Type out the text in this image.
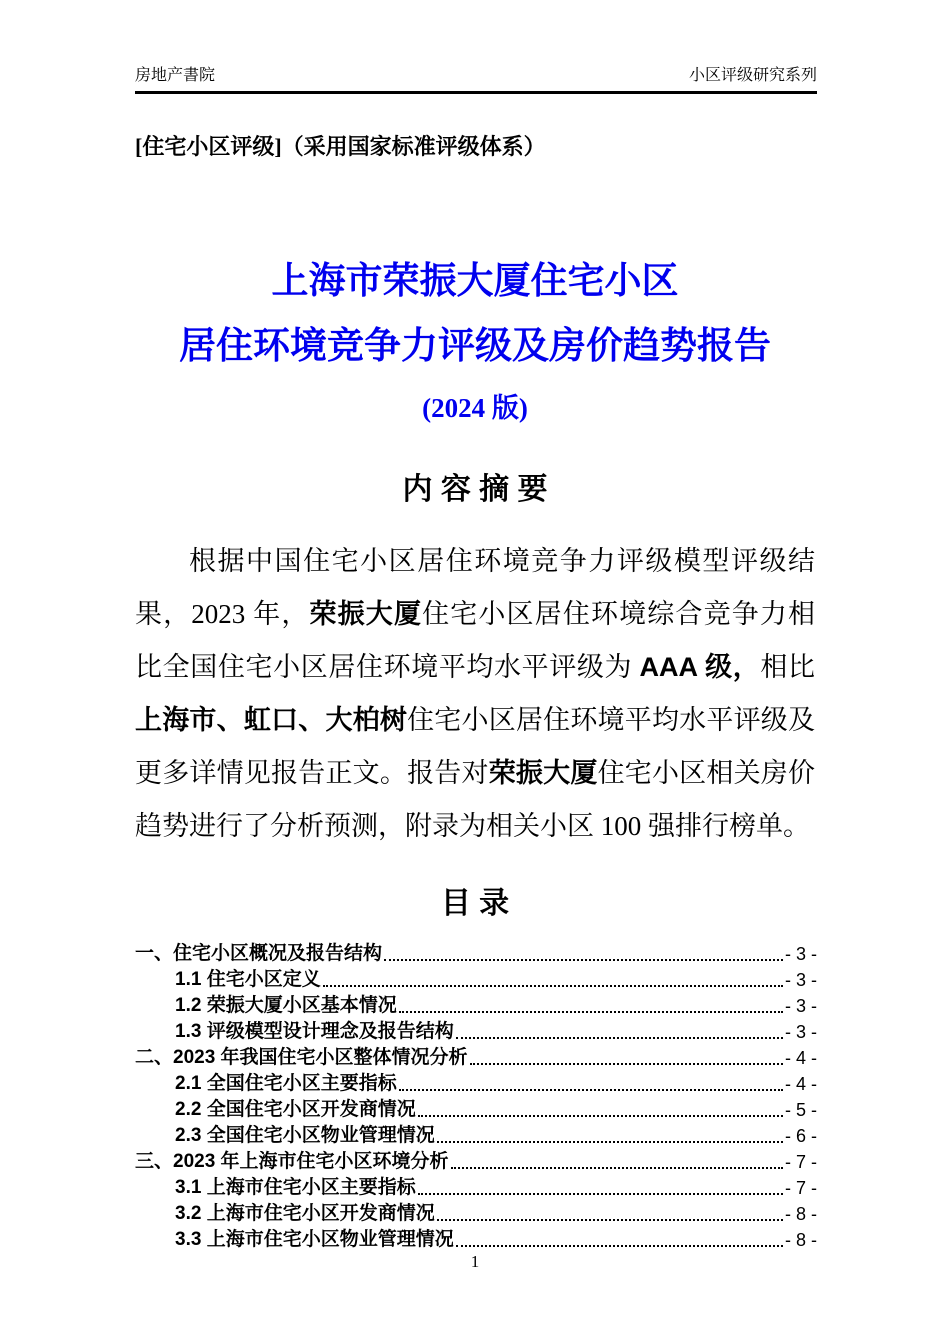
房地产書院	小区评级研究系列
[住宅小区评级]（采用国家标准评级体系）
上海市荣振大厦住宅小区
居住环境竞争力评级及房价趋势报告
(2024 版)
内 容 摘 要
根据中国住宅小区居住环境竞争力评级模型评级结果，2023 年，荣振大厦住宅小区居住环境综合竞争力相比全国住宅小区居住环境平均水平评级为 AAA 级，相比上海市、虹口、大柏树住宅小区居住环境平均水平评级及更多详情见报告正文。报告对荣振大厦住宅小区相关房价趋势进行了分析预测，附录为相关小区 100 强排行榜单。
目 录
一、住宅小区概况及报告结构	- 3 -
1.1 住宅小区定义	- 3 -
1.2 荣振大厦小区基本情况	- 3 -
1.3 评级模型设计理念及报告结构	- 3 -
二、2023 年我国住宅小区整体情况分析	- 4 -
2.1 全国住宅小区主要指标	- 4 -
2.2 全国住宅小区开发商情况	- 5 -
2.3 全国住宅小区物业管理情况	- 6 -
三、2023 年上海市住宅小区环境分析	- 7 -
3.1 上海市住宅小区主要指标	- 7 -
3.2 上海市住宅小区开发商情况	- 8 -
3.3 上海市住宅小区物业管理情况	- 8 -
1
